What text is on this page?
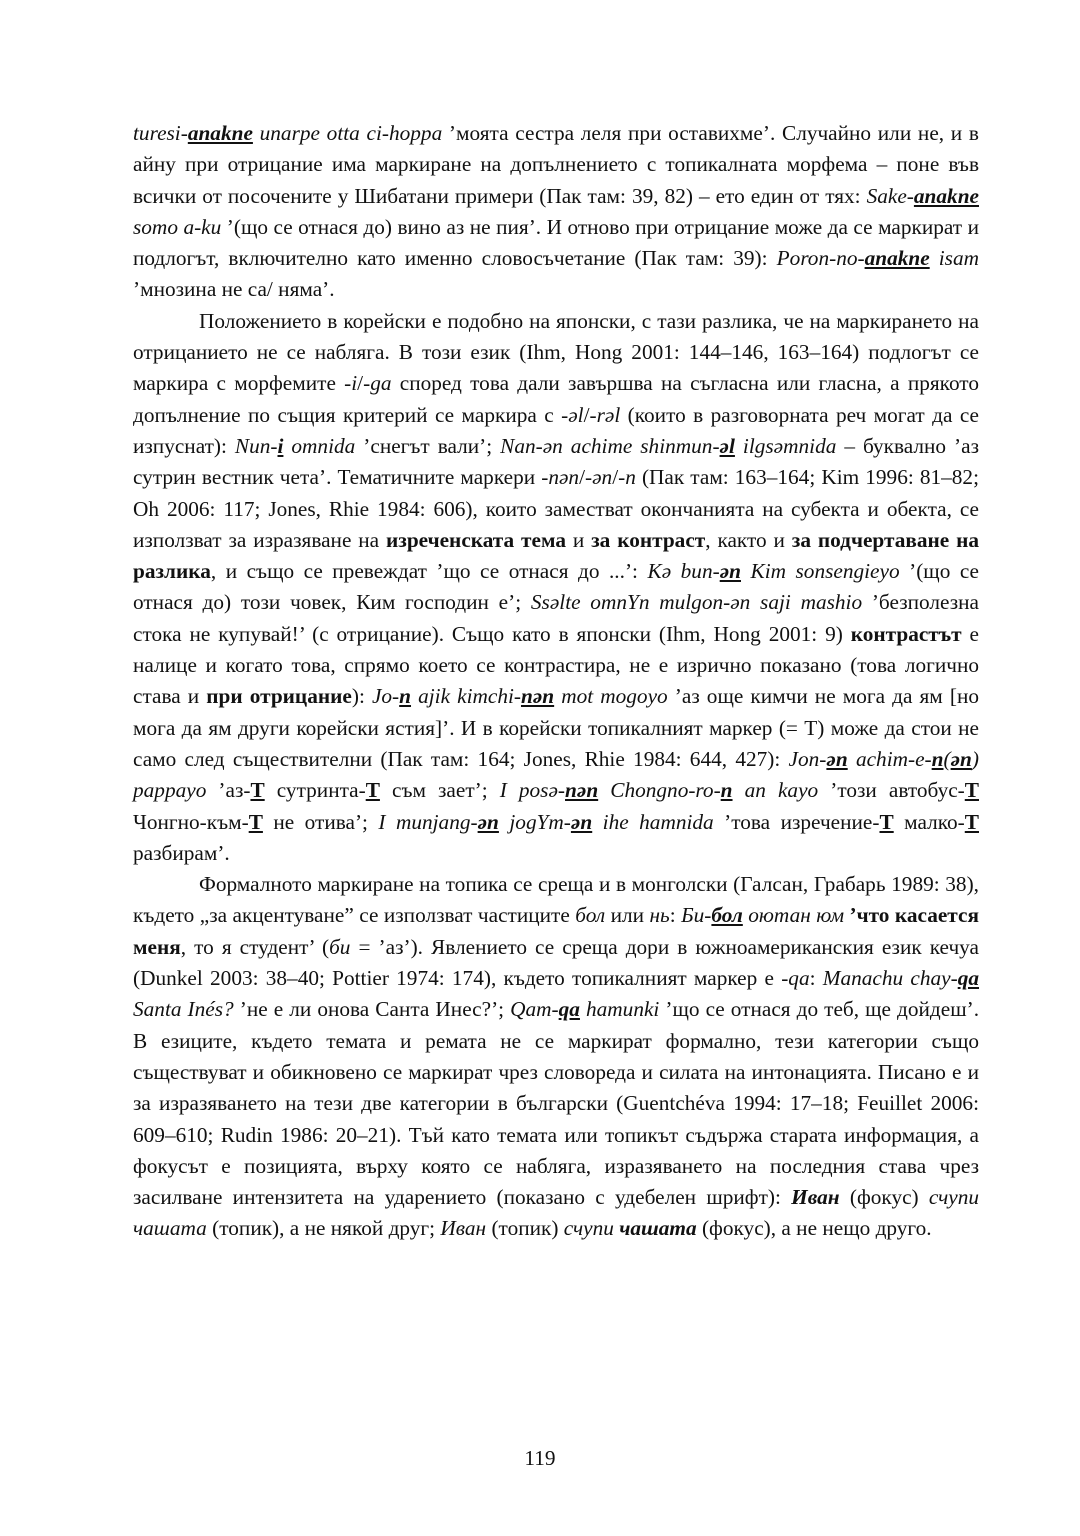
turesi-anakne unarpe otta ci-hoppa ’моята сестра леля при оставихме’. Случайно или не, и в айну при отрицание има маркиране на допълнението с топикалната морфема – поне във всички от посочените у Шибатани примери (Пак там: 39, 82) – ето един от тях: Sake-anakne somo a-ku ’(що се отнася до) вино аз не пия’. И отново при отрицание може да се маркират и подлогът, включително като именно словосъчетание (Пак там: 39): Poron-no-anakne isam ’мнозина не са/ няма’.

Положението в корейски е подобно на японски, с тази разлика, че на маркирането на отрицанието не се набляга. В този език (Ihm, Hong 2001: 144–146, 163–164) подлогът се маркира с морфемите -i/-ga според това дали завършва на съгласна или гласна, а прякото допълнение по същия критерий се маркира с -əl/-rəl (които в разговорната реч могат да се изпуснат): Nun-i omnida ’снегът вали’; Nan-ən achime shinmun-əl ilgsəmnida – буквално ’аз сутрин вестник чета’. Тематичните маркери -nən/-ən/-n (Пак там: 163–164; Kim 1996: 81–82; Oh 2006: 117; Jones, Rhie 1984: 606), които заместват окончанията на субекта и обекта, се използват за изразяване на изреченската тема и за контраст, както и за подчертаване на разлика, и също се превеждат ’що се отнася до ...’: Kə bun-ən Kim sonsengieyo ’(що се отнася до) този човек, Ким господин е’; Ssəlte omnYn mulgon-ən saji mashio ’безполезна стока не купувай!’ (с отрицание). Също като в японски (Ihm, Hong 2001: 9) контрастът е налице и когато това, спрямо което се контрастира, не е изрично показано (това логично става и при отрицание): Jo-n ajik kimchi-nən mot mogoyo ’аз още кимчи не мога да ям [но мога да ям други корейски ястия]’. И в корейски топикалният маркер (= Т) може да стои не само след съществителни (Пак там: 164; Jones, Rhie 1984: 644, 427): Jon-ən achim-e-n(ən) pappayo ’аз-Т сутринта-Т съм зает’; I posə-nən Chongno-ro-n an kayo ’този автобус-Т Чонгно-към-Т не отива’; I munjang-ən jogYm-ən ihe hamnida ’това изречение-Т малко-Т разбирам’.

Формалното маркиране на топика се среща и в монголски (Галсан, Грабарь 1989: 38), където „за акцентуване” се използват частиците бол или нь: Би-бол оютан юм ’что касается меня, то я студент’ (би = ’аз’). Явлението се среща дори в южноамериканския език кечуа (Dunkel 2003: 38–40; Pottier 1974: 174), където топикалният маркер е -qa: Manachu chay-qa Santa Inés? ’не е ли онова Санта Инес?’; Qam-qa hamunki ’що се отнася до теб, ще дойдеш’. В езиците, където темата и ремата не се маркират формално, тези категории също съществуват и обикновено се маркират чрез словореда и силата на интонацията. Писано е и за изразяването на тези две категории в български (Guentchéva 1994: 17–18; Feuillet 2006: 609–610; Rudin 1986: 20–21). Тъй като темата или топикът съдържа старата информация, а фокусът е позицията, върху която се набляга, изразяването на последния става чрез засилване интензитета на ударението (показано с удебелен шрифт): Иван (фокус) счупи чашата (топик), а не някой друг; Иван (топик) счупи чашата (фокус), а не нещо друго.

119
